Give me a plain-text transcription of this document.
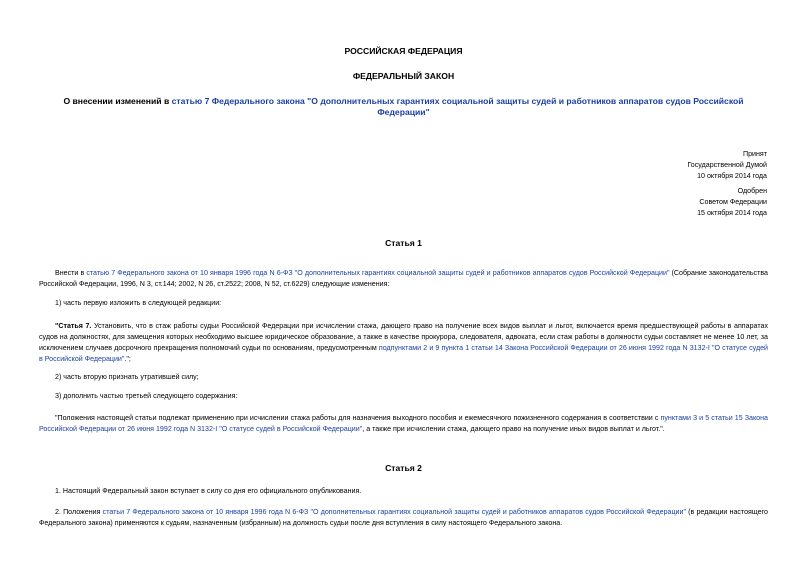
РОССИЙСКАЯ ФЕДЕРАЦИЯ
ФЕДЕРАЛЬНЫЙ ЗАКОН
О внесении изменений в статью 7 Федерального закона "О дополнительных гарантиях социальной защиты судей и работников аппаратов судов Российской Федерации"
Принят
Государственной Думой
10 октября 2014 года
Одобрен
Советом Федерации
15 октября 2014 года
Статья 1
Внести в статью 7 Федерального закона от 10 января 1996 года N 6-ФЗ "О дополнительных гарантиях социальной защиты судей и работников аппаратов судов Российской Федерации" (Собрание законодательства Российской Федерации, 1996, N 3, ст.144; 2002, N 26, ст.2522; 2008, N 52, ст.6229) следующие изменения:
1) часть первую изложить в следующей редакции:
"Статья 7. Установить, что в стаж работы судьи Российской Федерации при исчислении стажа, дающего право на получение всех видов выплат и льгот, включается время предшествующей работы в аппаратах судов на должностях, для замещения которых необходимо высшее юридическое образование, а также в качестве прокурора, следователя, адвоката, если стаж работы в должности судьи составляет не менее 10 лет, за исключением случаев досрочного прекращения полномочий судьи по основаниям, предусмотренным подпунктами 2 и 9 пункта 1 статьи 14 Закона Российской Федерации от 26 июня 1992 года N 3132-I "О статусе судей в Российской Федерации".";
2) часть вторую признать утратившей силу;
3) дополнить частью третьей следующего содержания:
"Положения настоящей статьи подлежат применению при исчислении стажа работы для назначения выходного пособия и ежемесячного пожизненного содержания в соответствии с пунктами 3 и 5 статьи 15 Закона Российской Федерации от 26 июня 1992 года N 3132-I "О статусе судей в Российской Федерации", а также при исчислении стажа, дающего право на получение иных видов выплат и льгот.".
Статья 2
1. Настоящий Федеральный закон вступает в силу со дня его официального опубликования.
2. Положения статьи 7 Федерального закона от 10 января 1996 года N 6-ФЗ "О дополнительных гарантиях социальной защиты судей и работников аппаратов судов Российской Федерации" (в редакции настоящего Федерального закона) применяются к судьям, назначенным (избранным) на должность судьи после дня вступления в силу настоящего Федерального закона.
